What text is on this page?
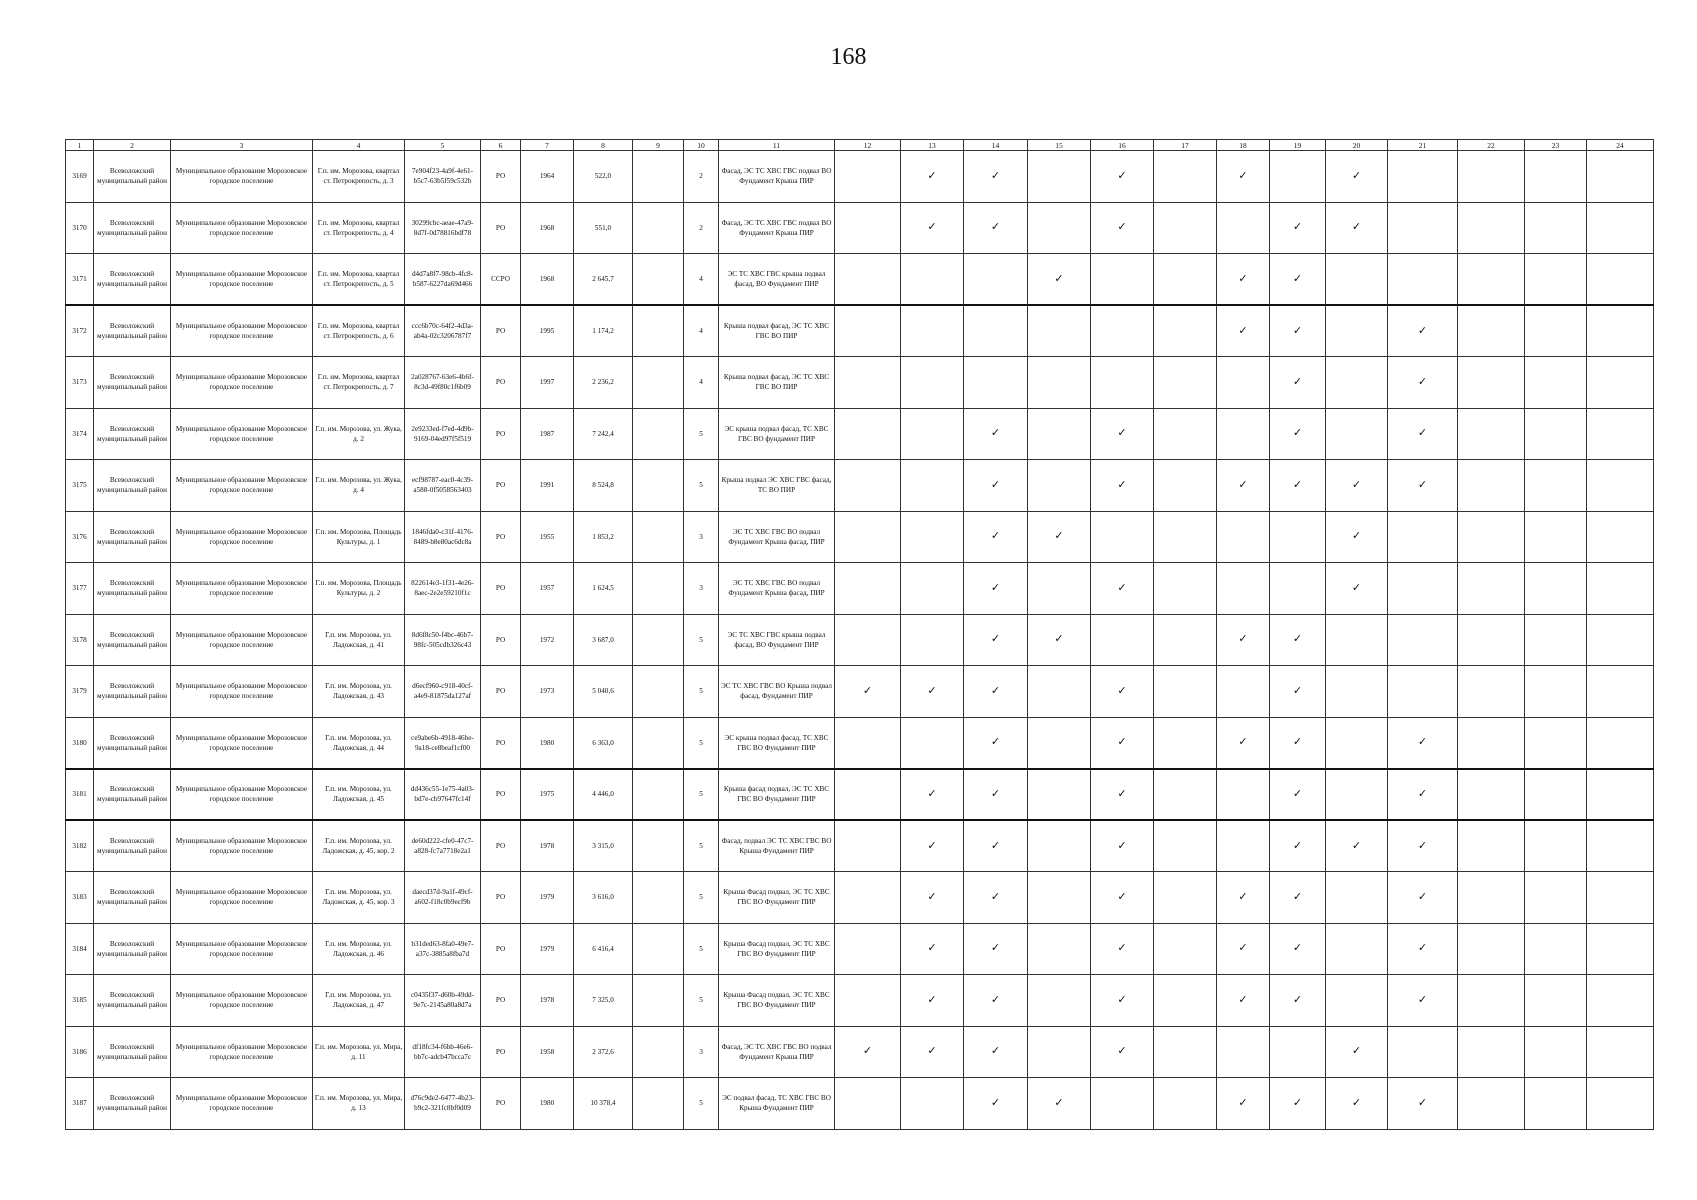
168
1	2	3	4	5	6	7	8	9	10	11	12	13	14	15	16	17	18	19	20	21	22	23	24
3169	Всеволожский муниципальный район	Муниципальное образование Морозовское городское поселение	Г.п. им. Морозова, квартал ст. Петрокрепость, д. 3	7e904f23-4a9f-4e61-b5c7-63b5f59c532b	РО	1964	522,0		2	Фасад, ЭС ТС ХВС ГВС подвал ВО Фундамент Крыша ПИР		✓	✓		✓		✓		✓				
3170	Всеволожский муниципальный район	Муниципальное образование Морозовское городское поселение	Г.п. им. Морозова, квартал ст. Петрокрепость, д. 4	30299cbc-aeae-47a9-8d7f-0d78816bdf78	РО	1968	551,0		2	Фасад, ЭС ТС ХВС ГВС подвал ВО Фундамент Крыша ПИР		✓	✓		✓			✓	✓				
3171	Всеволожский муниципальный район	Муниципальное образование Морозовское городское поселение	Г.п. им. Морозова, квартал ст. Петрокрепость, д. 5	d4d7a8f7-98cb-4fc8-b587-6227da69d466	ССРО	1968	2 645,7		4	ЭС ТС ХВС ГВС крыша подвал фасад, ВО Фундамент ПИР				✓			✓	✓					
3172	Всеволожский муниципальный район	Муниципальное образование Морозовское городское поселение	Г.п. им. Морозова, квартал ст. Петрокрепость, д. 6	ccc6b70c-64f2-4d3a-ab4a-02c3206787f7	РО	1995	1 174,2		4	Крыша подвал фасад, ЭС ТС ХВС ГВС ВО ПИР							✓	✓		✓			
3173	Всеволожский муниципальный район	Муниципальное образование Морозовское городское поселение	Г.п. им. Морозова, квартал ст. Петрокрепость, д. 7	2a028767-63e6-4b6f-8c3d-49f80c1f6b09	РО	1997	2 236,2		4	Крыша подвал фасад, ЭС ТС ХВС ГВС ВО ПИР								✓		✓			
3174	Всеволожский муниципальный район	Муниципальное образование Морозовское городское поселение	Г.п. им. Морозова, ул. Жука, д. 2	2e9233ed-f7ed-4d9b-9169-04ed97f5f519	РО	1987	7 242,4		5	ЭС крыша подвал фасад, ТС ХВС ГВС ВО фундамент ПИР			✓		✓			✓		✓			
3175	Всеволожский муниципальный район	Муниципальное образование Морозовское городское поселение	Г.п. им. Морозова, ул. Жука, д. 4	ecf98787-eac0-4c39-a588-0f5058563403	РО	1991	8 524,8		5	Крыша подвал ЭС ХВС ГВС фасад, ТС ВО ПИР			✓		✓		✓	✓	✓	✓			
3176	Всеволожский муниципальный район	Муниципальное образование Морозовское городское поселение	Г.п. им. Морозова, Площадь Культуры, д. 1	1846fda0-c31f-4176-8489-b8e80ac6dc8a	РО	1955	1 853,2		3	ЭС ТС ХВС ГВС ВО подвал Фундамент Крыша фасад, ПИР			✓	✓					✓				
3177	Всеволожский муниципальный район	Муниципальное образование Морозовское городское поселение	Г.п. им. Морозова, Площадь Культуры, д. 2	822614e3-1f31-4e26-8aec-2e2e59210f1c	РО	1957	1 624,5		3	ЭС ТС ХВС ГВС ВО подвал Фундамент Крыша фасад, ПИР			✓		✓				✓				
3178	Всеволожский муниципальный район	Муниципальное образование Морозовское городское поселение	Г.п. им. Морозова, ул. Ладожская, д. 41	8d6f8c50-f4bc-46b7-98fc-505cdb326c43	РО	1972	3 687,0		5	ЭС ТС ХВС ГВС крыша подвал фасад, ВО Фундамент ПИР			✓	✓			✓	✓					
3179	Всеволожский муниципальный район	Муниципальное образование Морозовское городское поселение	Г.п. им. Морозова, ул. Ладожская, д. 43	d6ecf960-c918-40cf-a4e9-81875da127af	РО	1973	5 040,6		5	ЭС ТС ХВС ГВС ВО Крыша подвал фасад, Фундамент ПИР	✓	✓	✓		✓			✓					
3180	Всеволожский муниципальный район	Муниципальное образование Морозовское городское поселение	Г.п. им. Морозова, ул. Ладожская, д. 44	ce9abe6b-4918-46be-9a18-ce8beaf1cf00	РО	1980	6 363,0		5	ЭС крыша подвал фасад, ТС ХВС ГВС ВО Фундамент ПИР			✓		✓		✓	✓		✓			
3181	Всеволожский муниципальный район	Муниципальное образование Морозовское городское поселение	Г.п. им. Морозова, ул. Ладожская, д. 45	dd436c55-1e75-4a03-bd7e-cb97647fc14f	РО	1975	4 446,0		5	Крыша фасад подвал, ЭС ТС ХВС ГВС ВО Фундамент ПИР		✓	✓		✓			✓		✓			
3182	Всеволожский муниципальный район	Муниципальное образование Морозовское городское поселение	Г.п. им. Морозова, ул. Ладожская, д. 45, кор. 2	de60d222-cfe0-47c7-a828-fc7a7718e2a1	РО	1978	3 315,0		5	Фасад, подвал ЭС ТС ХВС ГВС ВО Крыша Фундамент ПИР		✓	✓		✓			✓	✓	✓			
3183	Всеволожский муниципальный район	Муниципальное образование Морозовское городское поселение	Г.п. им. Морозова, ул. Ладожская, д. 45, кор. 3	daecd37d-9a1f-49cf-a602-f18c0b9ecf9b	РО	1979	3 616,0		5	Крыша Фасад подвал, ЭС ТС ХВС ГВС ВО Фундамент ПИР		✓	✓		✓		✓	✓		✓			
3184	Всеволожский муниципальный район	Муниципальное образование Морозовское городское поселение	Г.п. им. Морозова, ул. Ладожская, д. 46	b31ded63-8fa0-49e7-a37c-3885a8fba7d	РО	1979	6 416,4		5	Крыша Фасад подвал, ЭС ТС ХВС ГВС ВО Фундамент ПИР		✓	✓		✓		✓	✓		✓			
3185	Всеволожский муниципальный район	Муниципальное образование Морозовское городское поселение	Г.п. им. Морозова, ул. Ладожская, д. 47	c0435f37-d60b-49dd-9e7c-2145a80a8d7a	РО	1978	7 325,0		5	Крыша Фасад подвал, ЭС ТС ХВС ГВС ВО Фундамент ПИР		✓	✓		✓		✓	✓		✓			
3186	Всеволожский муниципальный район	Муниципальное образование Морозовское городское поселение	Г.п. им. Морозова, ул. Мира, д. 11	df18fc34-f6bb-46e6-bb7c-adcb47bcca7c	РО	1958	2 372,6		3	Фасад, ЭС ТС ХВС ГВС ВО подвал Фундамент Крыша ПИР	✓	✓	✓		✓				✓				
3187	Всеволожский муниципальный район	Муниципальное образование Морозовское городское поселение	Г.п. им. Морозова, ул. Мира, д. 13	d76c9de2-6477-4b23-b9c2-321fc8bf0d09	РО	1980	10 378,4		5	ЭС подвал фасад, ТС ХВС ГВС ВО Крыша Фундамент ПИР			✓	✓			✓	✓	✓	✓			
